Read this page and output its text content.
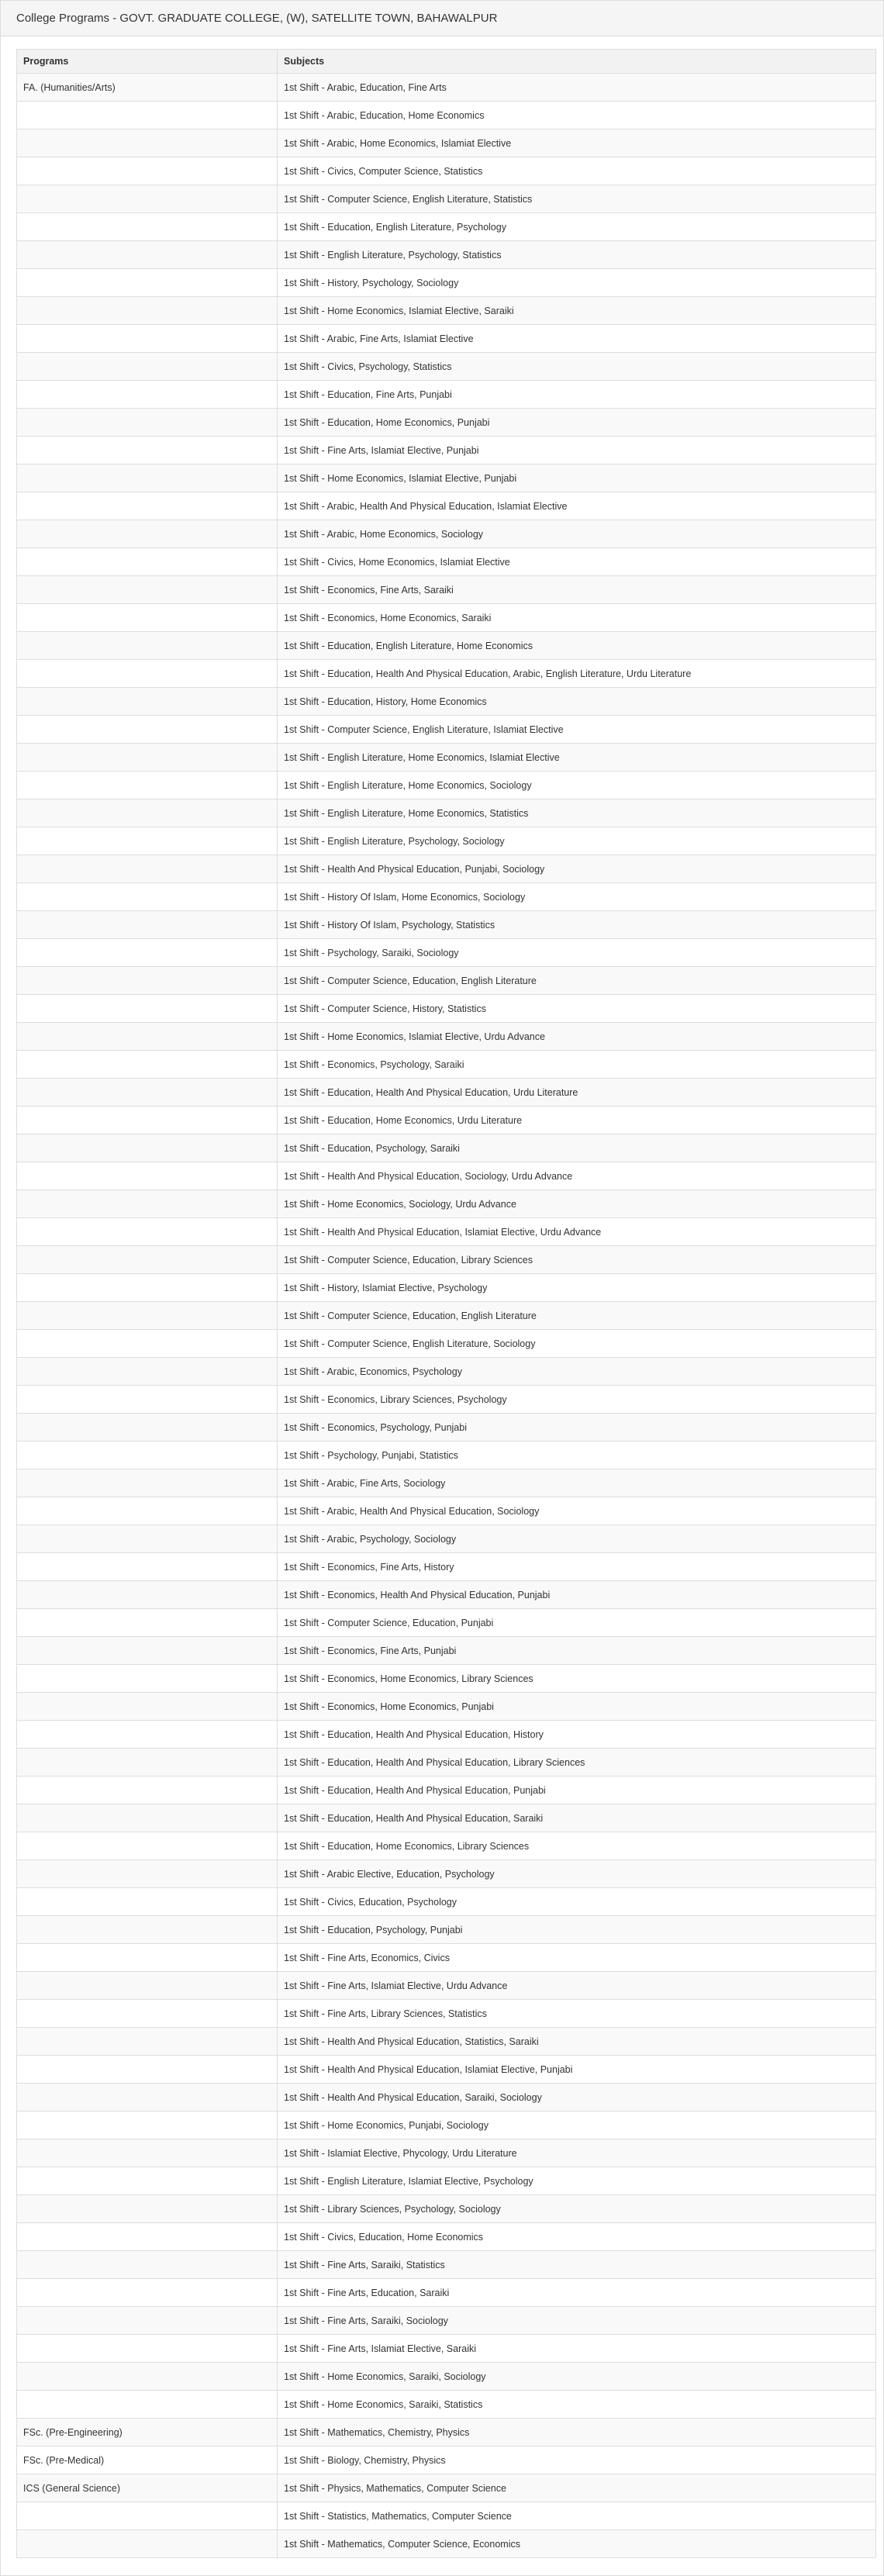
College Programs - GOVT. GRADUATE COLLEGE, (W), SATELLITE TOWN, BAHAWALPUR
Programs	Subjects
FA. (Humanities/Arts)	1st Shift - Arabic, Education, Fine Arts
	1st Shift - Arabic, Education, Home Economics
	1st Shift - Arabic, Home Economics, Islamiat Elective
	1st Shift - Civics, Computer Science, Statistics
	1st Shift - Computer Science, English Literature, Statistics
	1st Shift - Education, English Literature, Psychology
	1st Shift - English Literature, Psychology, Statistics
	1st Shift - History, Psychology, Sociology
	1st Shift - Home Economics, Islamiat Elective, Saraiki
	1st Shift - Arabic, Fine Arts, Islamiat Elective
	1st Shift - Civics, Psychology, Statistics
	1st Shift - Education, Fine Arts, Punjabi
	1st Shift - Education, Home Economics, Punjabi
	1st Shift - Fine Arts, Islamiat Elective, Punjabi
	1st Shift - Home Economics, Islamiat Elective, Punjabi
	1st Shift - Arabic, Health And Physical Education, Islamiat Elective
	1st Shift - Arabic, Home Economics, Sociology
	1st Shift - Civics, Home Economics, Islamiat Elective
	1st Shift - Economics, Fine Arts, Saraiki
	1st Shift - Economics, Home Economics, Saraiki
	1st Shift - Education, English Literature, Home Economics
	1st Shift - Education, Health And Physical Education, Arabic, English Literature, Urdu Literature
	1st Shift - Education, History, Home Economics
	1st Shift - Computer Science, English Literature, Islamiat Elective
	1st Shift - English Literature, Home Economics, Islamiat Elective
	1st Shift - English Literature, Home Economics, Sociology
	1st Shift - English Literature, Home Economics, Statistics
	1st Shift - English Literature, Psychology, Sociology
	1st Shift - Health And Physical Education, Punjabi, Sociology
	1st Shift - History Of Islam, Home Economics, Sociology
	1st Shift - History Of Islam, Psychology, Statistics
	1st Shift - Psychology, Saraiki, Sociology
	1st Shift - Computer Science, Education, English Literature
	1st Shift - Computer Science, History, Statistics
	1st Shift - Home Economics, Islamiat Elective, Urdu Advance
	1st Shift - Economics, Psychology, Saraiki
	1st Shift - Education, Health And Physical Education, Urdu Literature
	1st Shift - Education, Home Economics, Urdu Literature
	1st Shift - Education, Psychology, Saraiki
	1st Shift - Health And Physical Education, Sociology, Urdu Advance
	1st Shift - Home Economics, Sociology, Urdu Advance
	1st Shift - Health And Physical Education, Islamiat Elective, Urdu Advance
	1st Shift - Computer Science, Education, Library Sciences
	1st Shift - History, Islamiat Elective, Psychology
	1st Shift - Computer Science, Education, English Literature
	1st Shift - Computer Science, English Literature, Sociology
	1st Shift - Arabic, Economics, Psychology
	1st Shift - Economics, Library Sciences, Psychology
	1st Shift - Economics, Psychology, Punjabi
	1st Shift - Psychology, Punjabi, Statistics
	1st Shift - Arabic, Fine Arts, Sociology
	1st Shift - Arabic, Health And Physical Education, Sociology
	1st Shift - Arabic, Psychology, Sociology
	1st Shift - Economics, Fine Arts, History
	1st Shift - Economics, Health And Physical Education, Punjabi
	1st Shift - Computer Science, Education, Punjabi
	1st Shift - Economics, Fine Arts, Punjabi
	1st Shift - Economics, Home Economics, Library Sciences
	1st Shift - Economics, Home Economics, Punjabi
	1st Shift - Education, Health And Physical Education, History
	1st Shift - Education, Health And Physical Education, Library Sciences
	1st Shift - Education, Health And Physical Education, Punjabi
	1st Shift - Education, Health And Physical Education, Saraiki
	1st Shift - Education, Home Economics, Library Sciences
	1st Shift - Arabic Elective, Education, Psychology
	1st Shift - Civics, Education, Psychology
	1st Shift - Education, Psychology, Punjabi
	1st Shift - Fine Arts, Economics, Civics
	1st Shift - Fine Arts, Islamiat Elective, Urdu Advance
	1st Shift - Fine Arts, Library Sciences, Statistics
	1st Shift - Health And Physical Education, Statistics, Saraiki
	1st Shift - Health And Physical Education, Islamiat Elective, Punjabi
	1st Shift - Health And Physical Education, Saraiki, Sociology
	1st Shift - Home Economics, Punjabi, Sociology
	1st Shift - Islamiat Elective, Phycology, Urdu Literature
	1st Shift - English Literature, Islamiat Elective, Psychology
	1st Shift - Library Sciences, Psychology, Sociology
	1st Shift - Civics, Education, Home Economics
	1st Shift - Fine Arts, Saraiki, Statistics
	1st Shift - Fine Arts, Education, Saraiki
	1st Shift - Fine Arts, Saraiki, Sociology
	1st Shift - Fine Arts, Islamiat Elective, Saraiki
	1st Shift - Home Economics, Saraiki, Sociology
	1st Shift - Home Economics, Saraiki, Statistics
FSc. (Pre-Engineering)	1st Shift - Mathematics, Chemistry, Physics
FSc. (Pre-Medical)	1st Shift - Biology, Chemistry, Physics
ICS (General Science)	1st Shift - Physics, Mathematics, Computer Science
	1st Shift - Statistics, Mathematics, Computer Science
	1st Shift - Mathematics, Computer Science, Economics
